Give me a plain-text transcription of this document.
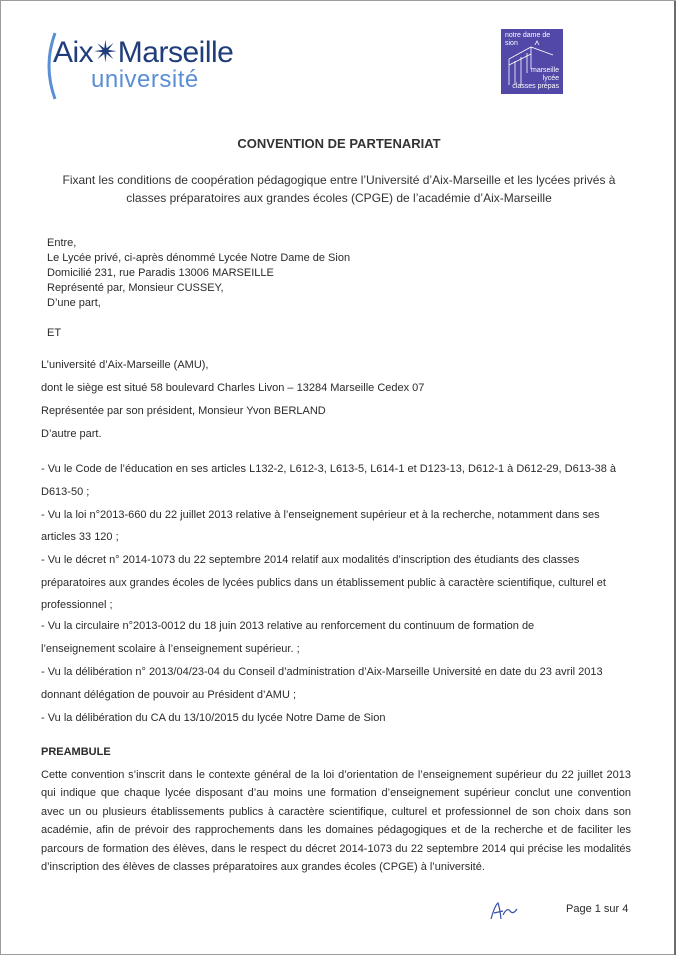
Aix✴Marseille
université
notre dame de sion
marseille
lycée
classes prépas
CONVENTION DE PARTENARIAT
Fixant les conditions de coopération pédagogique entre l’Université d’Aix-Marseille et les lycées privés à classes préparatoires aux grandes écoles (CPGE) de l’académie d’Aix-Marseille
Entre,
Le Lycée privé, ci-après dénommé Lycée Notre Dame de Sion
Domicilié 231, rue Paradis 13006 MARSEILLE
Représenté par, Monsieur CUSSEY,
D’une part,
ET
L’université d’Aix-Marseille (AMU),
dont le siège est situé 58 boulevard Charles Livon – 13284 Marseille Cedex 07
Représentée par son président, Monsieur Yvon BERLAND
D’autre part.
- Vu le Code de l’éducation en ses articles L132-2, L612-3, L613-5, L614-1 et D123-13, D612-1 à D612-29, D613-38 à
D613-50 ;
- Vu la loi n°2013-660 du 22 juillet 2013 relative à l’enseignement supérieur et à la recherche, notamment dans ses
articles 33 120 ;
- Vu le décret n° 2014-1073 du 22 septembre 2014 relatif aux modalités d’inscription des étudiants des classes
préparatoires aux grandes écoles de lycées publics dans un établissement public à caractère scientifique, culturel et
professionnel ;
- Vu la circulaire n°2013-0012 du 18 juin 2013 relative au renforcement du continuum de formation de
l’enseignement scolaire à l’enseignement supérieur. ;
- Vu la délibération n° 2013/04/23-04 du Conseil d’administration d’Aix-Marseille Université en date du 23 avril 2013
donnant délégation de pouvoir au Président d’AMU ;
- Vu la délibération du CA du 13/10/2015 du lycée Notre Dame de Sion
PREAMBULE
Cette convention s’inscrit dans le contexte général de la loi d’orientation de l’enseignement supérieur du 22 juillet 2013 qui indique que chaque lycée disposant d’au moins une formation d’enseignement supérieur conclut une convention avec un ou plusieurs établissements publics à caractère scientifique, culturel et professionnel de son choix dans son académie, afin de prévoir des rapprochements dans les domaines pédagogiques et de la recherche et de faciliter les parcours de formation des élèves, dans le respect du décret 2014-1073 du 22 septembre 2014 qui précise les modalités d’inscription des élèves de classes préparatoires aux grandes écoles (CPGE) à l’université.
Page 1 sur 4
